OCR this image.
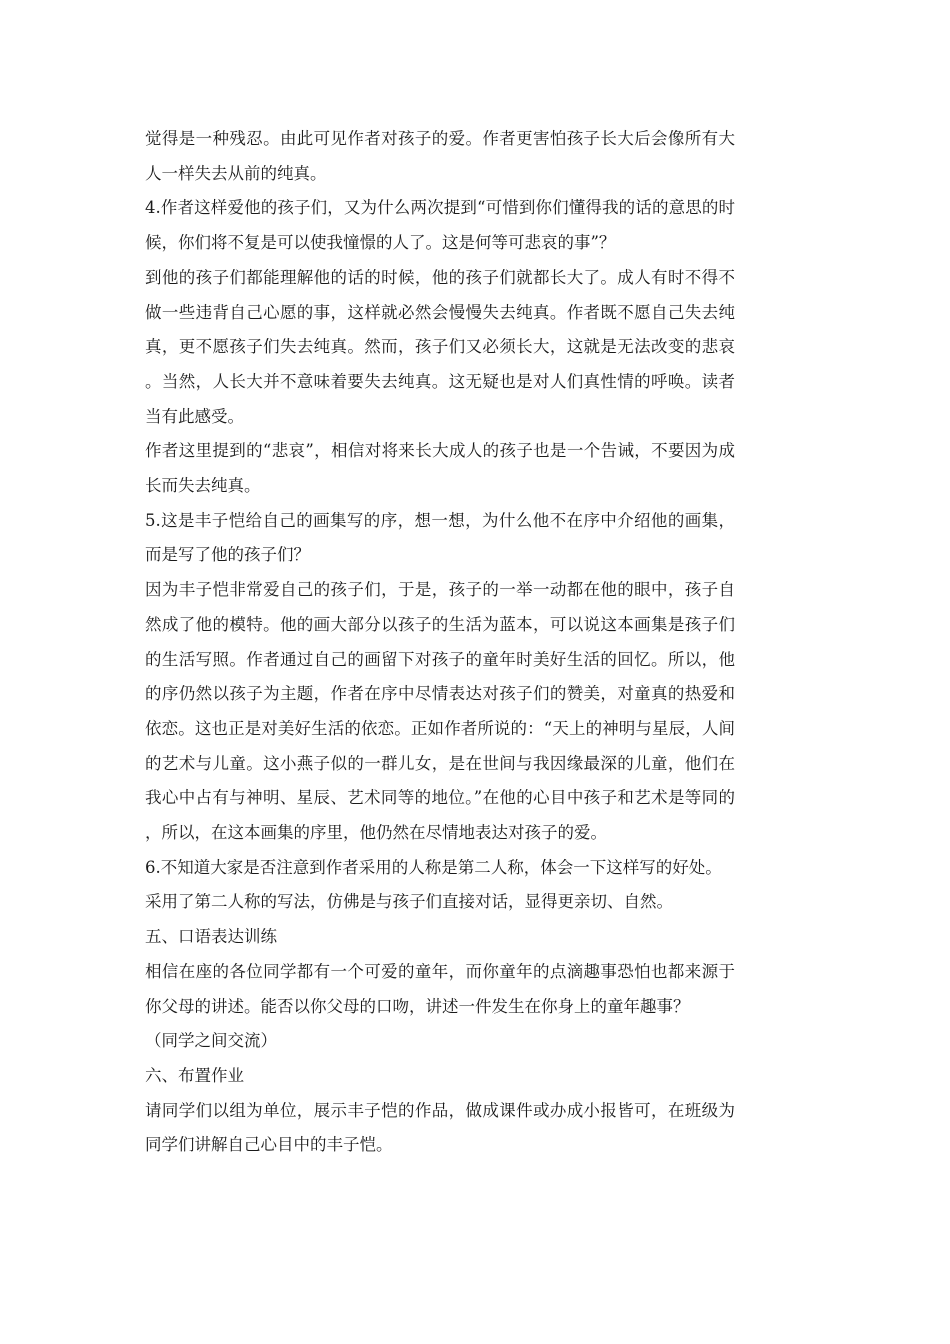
觉得是一种残忍。由此可见作者对孩子的爱。作者更害怕孩子长大后会像所有大人一样失去从前的纯真。

4.作者这样爱他的孩子们，又为什么两次提到“可惜到你们懂得我的话的意思的时候，你们将不复是可以使我憧憬的人了。这是何等可悲哀的事”？

到他的孩子们都能理解他的话的时候，他的孩子们就都长大了。成人有时不得不做一些违背自己心愿的事，这样就必然会慢慢失去纯真。作者既不愿自己失去纯真，更不愿孩子们失去纯真。然而，孩子们又必须长大，这就是无法改变的悲哀。当然，人长大并不意味着要失去纯真。这无疑也是对人们真性情的呼唤。读者当有此感受。

作者这里提到的“悲哀”，相信对将来长大成人的孩子也是一个告诫，不要因为成长而失去纯真。

5.这是丰子恺给自己的画集写的序，想一想，为什么他不在序中介绍他的画集，而是写了他的孩子们？

因为丰子恺非常爱自己的孩子们，于是，孩子的一举一动都在他的眼中，孩子自然成了他的模特。他的画大部分以孩子的生活为蓝本，可以说这本画集是孩子们的生活写照。作者通过自己的画留下对孩子的童年时美好生活的回忆。所以，他的序仍然以孩子为主题，作者在序中尽情表达对孩子们的赞美，对童真的热爱和依恋。这也正是对美好生活的依恋。正如作者所说的：“天上的神明与星辰，人间的艺术与儿童。这小燕子似的一群儿女，是在世间与我因缘最深的儿童，他们在我心中占有与神明、星辰、艺术同等的地位。”在他的心目中孩子和艺术是等同的，所以，在这本画集的序里，他仍然在尽情地表达对孩子的爱。

6.不知道大家是否注意到作者采用的人称是第二人称，体会一下这样写的好处。

采用了第二人称的写法，仿佛是与孩子们直接对话，显得更亲切、自然。

五、口语表达训练

相信在座的各位同学都有一个可爱的童年，而你童年的点滴趣事恐怕也都来源于你父母的讲述。能否以你父母的口吻，讲述一件发生在你身上的童年趣事？

（同学之间交流）

六、布置作业

请同学们以组为单位，展示丰子恺的作品，做成课件或办成小报皆可，在班级为同学们讲解自己心目中的丰子恺。
